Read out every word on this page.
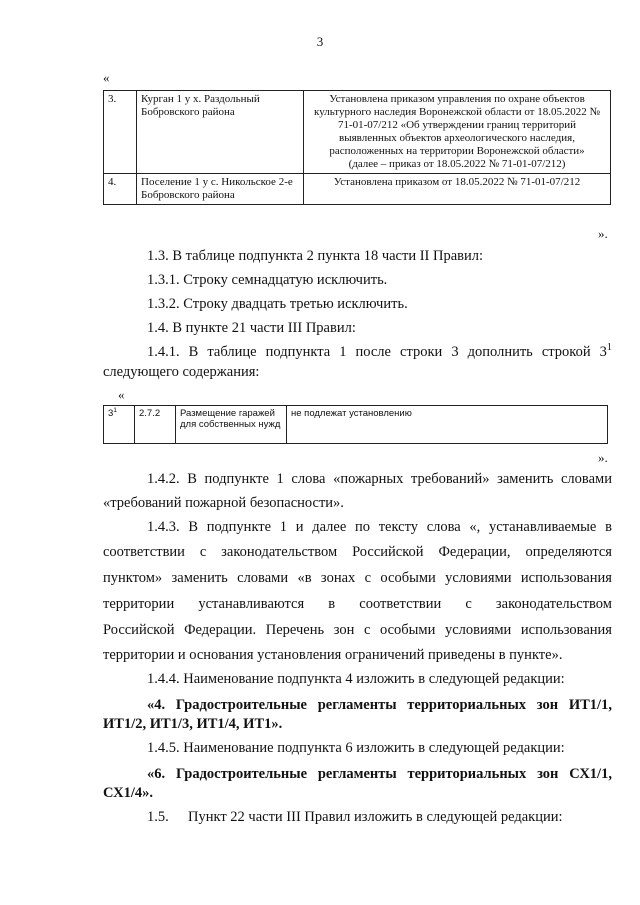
3
«
3.	Курган 1 у х. Раздольный Бобровского района	Установлена приказом управления по охране объектов культурного наследия Воронежской области от 18.05.2022 № 71-01-07/212 «Об утверждении границ территорий выявленных объектов археологического наследия, расположенных на территории Воронежской области»
(далее – приказ от 18.05.2022 № 71-01-07/212)
4.	Поселение 1 у с. Никольское 2-е Бобровского района	Установлена приказом от 18.05.2022 № 71-01-07/212
».
1.3. В таблице подпункта 2 пункта 18 части II Правил:
1.3.1. Строку семнадцатую исключить.
1.3.2. Строку двадцать третью исключить.
1.4. В пункте 21 части III Правил:
1.4.1. В таблице подпункта 1 после строки 3 дополнить строкой $3^1$
следующего содержания:
«
$3^1$	2.7.2	Размещение гаражей для собственных нужд	не подлежат установлению
».
1.4.2. В подпункте 1 слова «пожарных требований» заменить словами
«требований пожарной безопасности».
1.4.3. В подпункте 1 и далее по тексту слова «, устанавливаемые в
соответствии с законодательством Российской Федерации, определяются
пунктом» заменить словами «в зонах с особыми условиями использования
территории устанавливаются в соответствии с законодательством
Российской Федерации. Перечень зон с особыми условиями использования
территории и основания установления ограничений приведены в пункте».
1.4.4. Наименование подпункта 4 изложить в следующей редакции:
«4. Градостроительные регламенты территориальных зон ИТ1/1,
ИТ1/2, ИТ1/3, ИТ1/4, ИТ1».
1.4.5. Наименование подпункта 6 изложить в следующей редакции:
«6. Градостроительные регламенты территориальных зон СХ1/1,
СХ1/4».
1.5. Пункт 22 части III Правил изложить в следующей редакции:
